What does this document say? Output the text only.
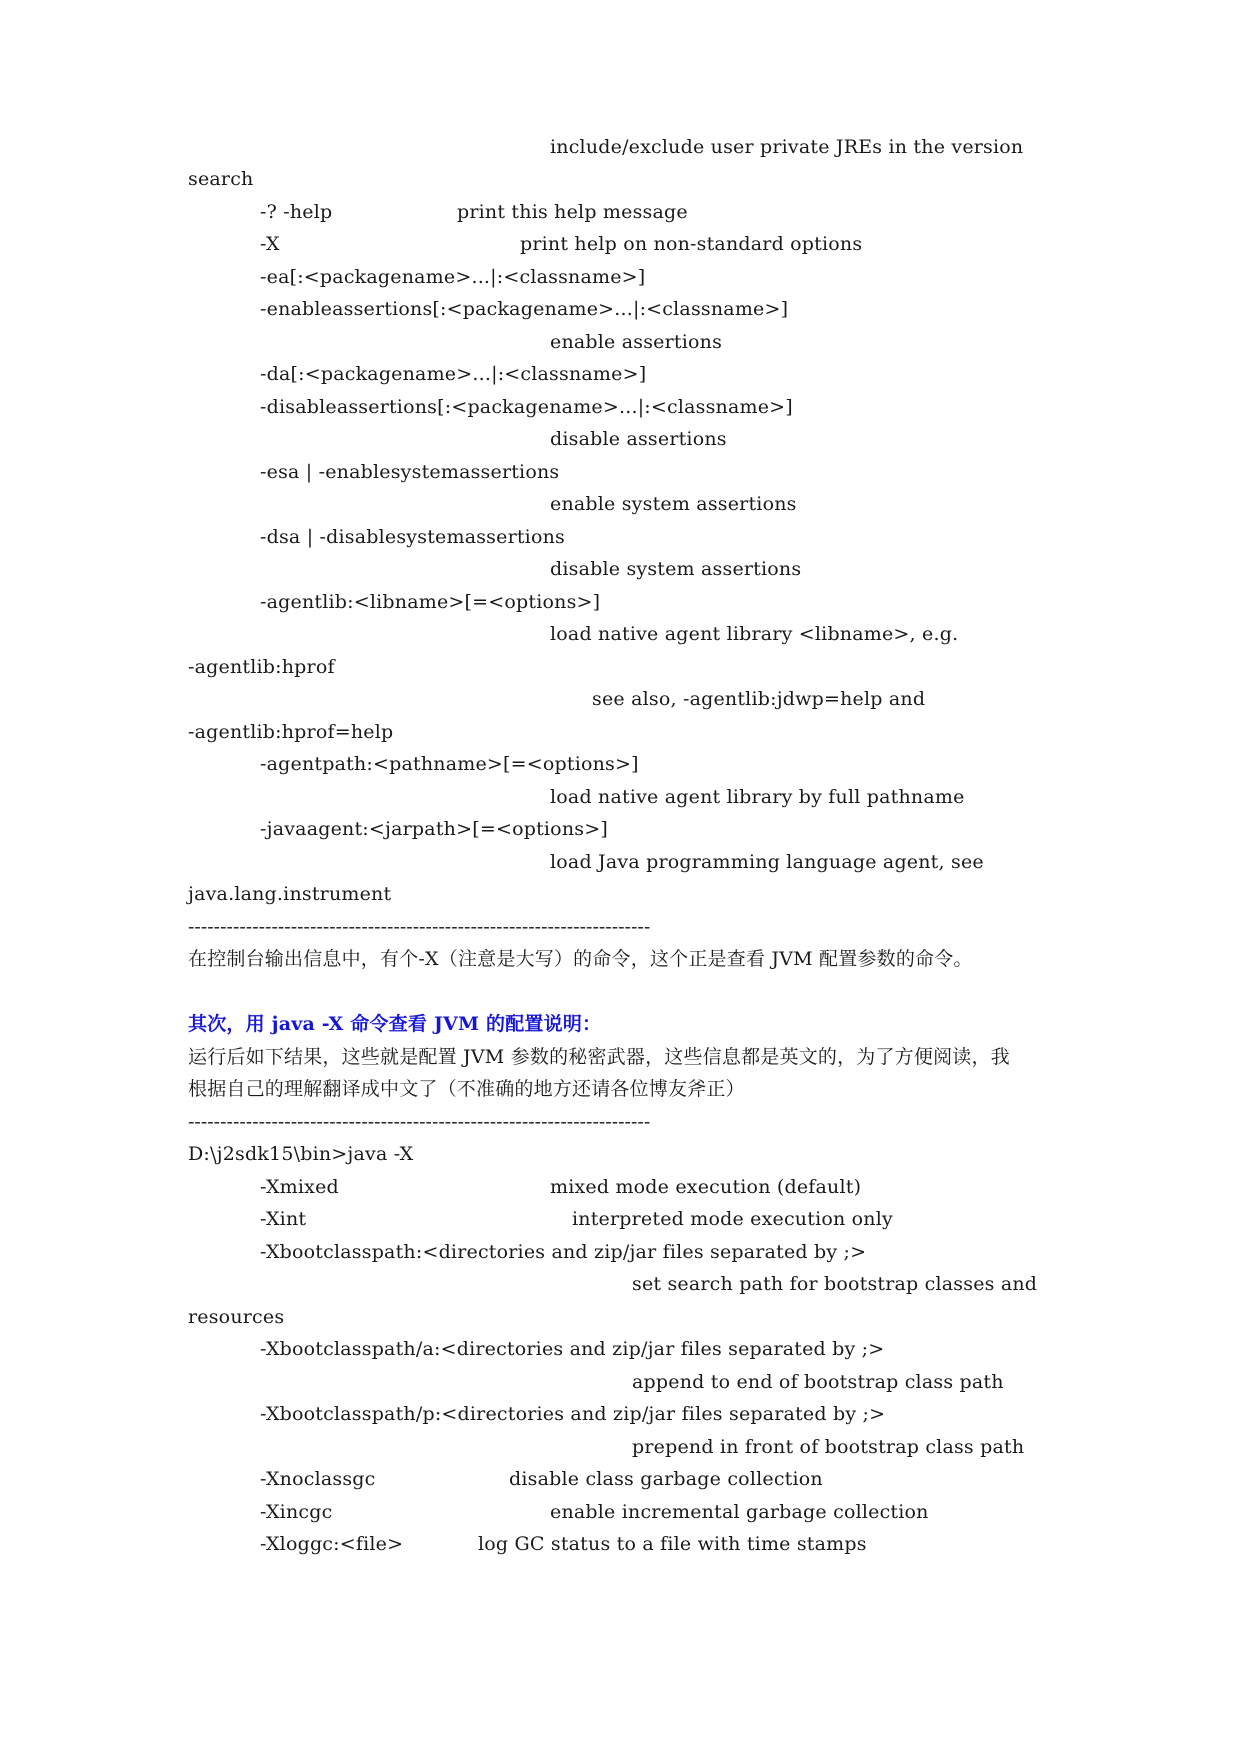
include/exclude user private JREs in the version
search
-? -help	print this help message
-X	print help on non-standard options
-ea[:<packagename>...|:<classname>]
-enableassertions[:<packagename>...|:<classname>]
enable assertions
-da[:<packagename>...|:<classname>]
-disableassertions[:<packagename>...|:<classname>]
disable assertions
-esa | -enablesystemassertions
enable system assertions
-dsa | -disablesystemassertions
disable system assertions
-agentlib:<libname>[=<options>]
load native agent library <libname>, e.g.
-agentlib:hprof
see also, -agentlib:jdwp=help and
-agentlib:hprof=help
-agentpath:<pathname>[=<options>]
load native agent library by full pathname
-javaagent:<jarpath>[=<options>]
load Java programming language agent, see
java.lang.instrument
------------------------------------------------------------------------
在控制台输出信息中，有个-X（注意是大写）的命令，这个正是查看 JVM 配置参数的命令。
其次，用 java -X 命令查看 JVM 的配置说明：
运行后如下结果，这些就是配置 JVM 参数的秘密武器，这些信息都是英文的，为了方便阅读，我
根据自己的理解翻译成中文了（不准确的地方还请各位博友斧正）
------------------------------------------------------------------------
D:\j2sdk15\bin>java -X
-Xmixed	mixed mode execution (default)
-Xint	interpreted mode execution only
-Xbootclasspath:<directories and zip/jar files separated by ;>
set search path for bootstrap classes and
resources
-Xbootclasspath/a:<directories and zip/jar files separated by ;>
append to end of bootstrap class path
-Xbootclasspath/p:<directories and zip/jar files separated by ;>
prepend in front of bootstrap class path
-Xnoclassgc	disable class garbage collection
-Xincgc	enable incremental garbage collection
-Xloggc:<file>	log GC status to a file with time stamps
